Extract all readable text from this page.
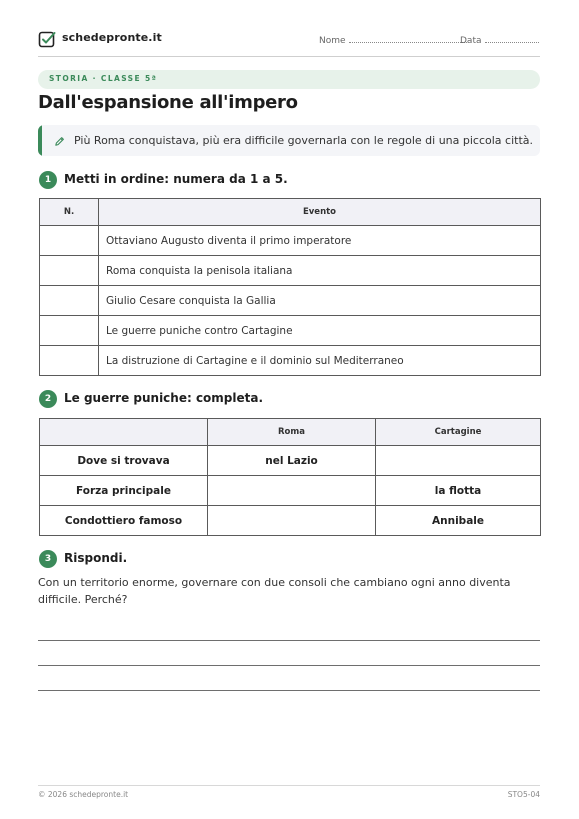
schedepronte.it	Nome	Data
STORIA · CLASSE 5ª
Dall'espansione all'impero
Più Roma conquistava, più era difficile governarla con le regole di una piccola città.
1	Metti in ordine: numera da 1 a 5.
N.	Evento
	Ottaviano Augusto diventa il primo imperatore
	Roma conquista la penisola italiana
	Giulio Cesare conquista la Gallia
	Le guerre puniche contro Cartagine
	La distruzione di Cartagine e il dominio sul Mediterraneo
2	Le guerre puniche: completa.
	Roma	Cartagine
Dove si trovava	nel Lazio	
Forza principale		la flotta
Condottiero famoso		Annibale
3	Rispondi.
Con un territorio enorme, governare con due consoli che cambiano ogni anno diventa difficile. Perché?
© 2026 schedepronte.it	STO5-04
